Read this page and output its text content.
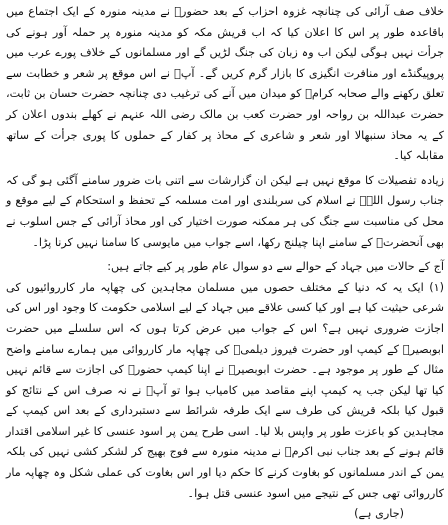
خلاف صف آرائی کی چنانچہ غزوہ احزاب کے بعد حضورؐ نے مدینہ منورہ کے ایک اجتماع میں باقاعدہ طور پر اس کا اعلان کیا کہ اب قریش مکہ کو مدینہ منورہ پر حملہ آور ہونے کی جرأت نہیں ہوگی لیکن اب وہ زبان کی جنگ لڑیں گے اور مسلمانوں کے خلاف پورے عرب میں پروپیگنڈے اور منافرت انگیزی کا بازار گرم کریں گے۔ آپؐ نے اس موقع پر شعر و خطابت سے تعلق رکھنے والے صحابہ کرامؓ کو میدان میں آنے کی ترغیب دی چنانچہ حضرت حسان بن ثابت، حضرت عبداللہ بن رواحہ اور حضرت کعب بن مالک رضی اللہ عنہم نے کھلے بندوں اعلان کر کے یہ محاذ سنبھالا اور شعر و شاعری کے محاذ پر کفار کے حملوں کا پوری جرأت کے ساتھ مقابلہ کیا۔

زیادہ تفصیلات کا موقع نہیں ہے لیکن ان گزارشات سے اتنی بات ضرور سامنے آگئی ہو گی کہ جناب رسول اللہؐ نے اسلام کی سربلندی اور امت مسلمہ کے تحفظ و استحکام کے لیے موقع و محل کی مناسبت سے جنگ کی ہر ممکنہ صورت اختیار کی اور محاذ آرائی کے جس اسلوب نے بھی آنحضرتؐ کے سامنے اپنا چیلنج رکھا، اسے جواب میں مایوسی کا سامنا نہیں کرنا پڑا۔

آج کے حالات میں جہاد کے حوالے سے دو سوال عام طور پر کیے جاتے ہیں:

(۱) ایک یہ کہ دنیا کے مختلف حصوں میں مسلمان مجاہدین کی چھاپہ مار کارروائیوں کی شرعی حیثیت کیا ہے اور کیا کسی علاقے میں جہاد کے لیے اسلامی حکومت کا وجود اور اس کی اجازت ضروری نہیں ہے؟ اس کے جواب میں عرض کرتا ہوں کہ اس سلسلے میں حضرت ابوبصیرؓ کے کیمپ اور حضرت فیروز دیلمیؓ کی چھاپہ مار کارروائی میں ہمارے سامنے واضح مثال کے طور پر موجود ہے۔ حضرت ابوبصیرؓ نے اپنا کیمپ حضورؐ کی اجازت سے قائم نہیں کیا تھا لیکن جب یہ کیمپ اپنے مقاصد میں کامیاب ہوا تو آپؐ نے نہ صرف اس کے نتائج کو قبول کیا بلکہ قریش کی طرف سے ایک طرفہ شرائط سے دستبرداری کے بعد اس کیمپ کے مجاہدین کو باعزت طور پر واپس بلا لیا۔ اسی طرح یمن پر اسود عنسی کا غیر اسلامی اقتدار قائم ہونے کے بعد جناب نبی اکرمؐ نے مدینہ منورہ سے فوج بھیج کر لشکر کشی نہیں کی بلکہ یمن کے اندر مسلمانوں کو بغاوت کرنے کا حکم دیا اور اس بغاوت کی عملی شکل وہ چھاپہ مار کارروائی تھی جس کے نتیجے میں اسود عنسی قتل ہوا۔

(جاری ہے)
